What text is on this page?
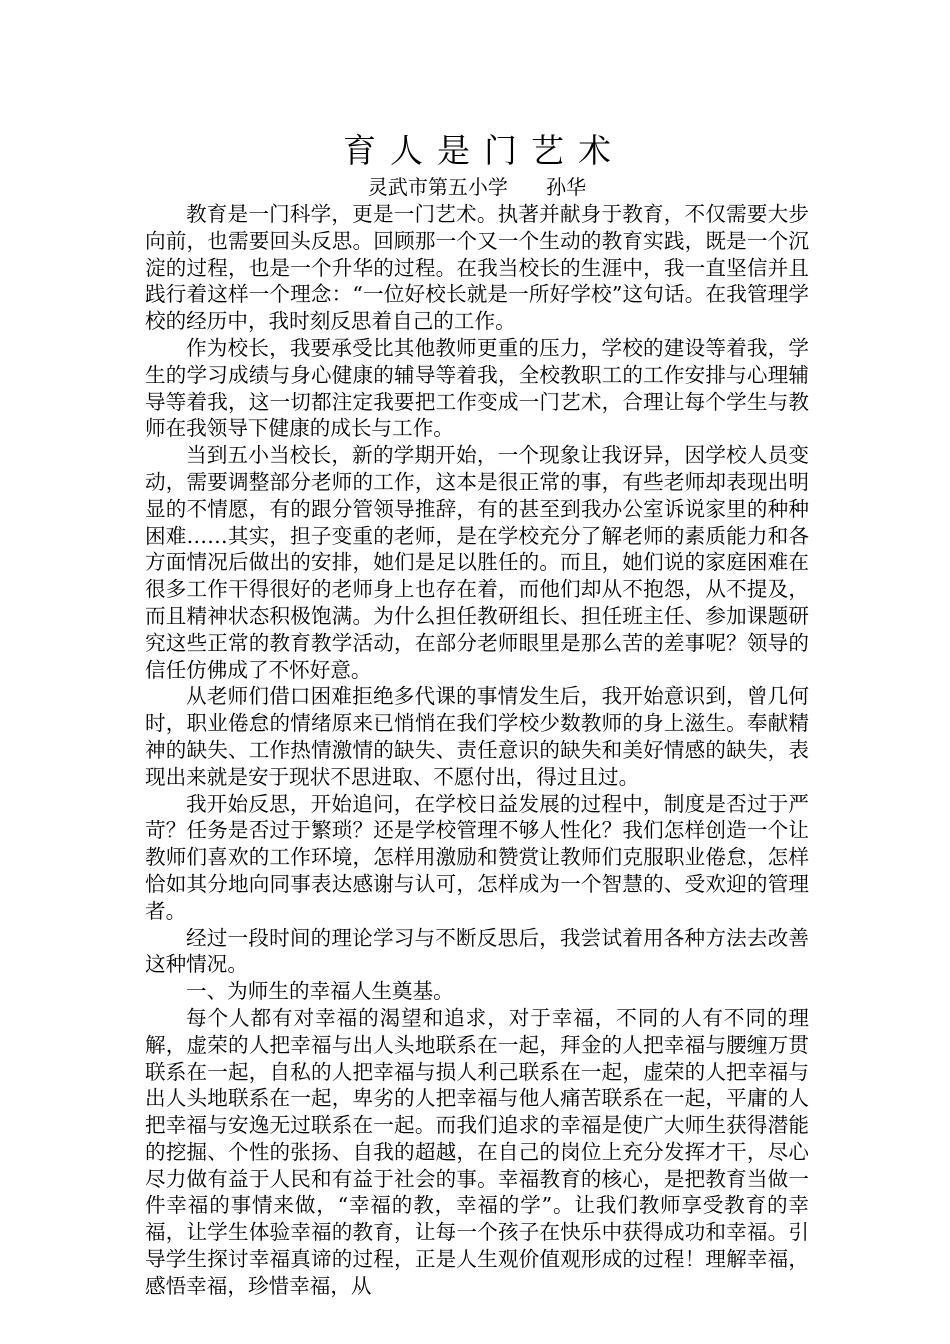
育人是门艺术
灵武市第五小学      孙华

教育是一门科学，更是一门艺术。执著并献身于教育，不仅需要大步向前，也需要回头反思。回顾那一个又一个生动的教育实践，既是一个沉淀的过程，也是一个升华的过程。在我当校长的生涯中，我一直坚信并且践行着这样一个理念：“一位好校长就是一所好学校”这句话。在我管理学校的经历中，我时刻反思着自己的工作。

作为校长，我要承受比其他教师更重的压力，学校的建设等着我，学生的学习成绩与身心健康的辅导等着我，全校教职工的工作安排与心理辅导等着我，这一切都注定我要把工作变成一门艺术，合理让每个学生与教师在我领导下健康的成长与工作。

当到五小当校长，新的学期开始，一个现象让我讶异，因学校人员变动，需要调整部分老师的工作，这本是很正常的事，有些老师却表现出明显的不情愿，有的跟分管领导推辞，有的甚至到我办公室诉说家里的种种困难……其实，担子变重的老师，是在学校充分了解老师的素质能力和各方面情况后做出的安排，她们是足以胜任的。而且，她们说的家庭困难在很多工作干得很好的老师身上也存在着，而他们却从不抱怨，从不提及，而且精神状态积极饱满。为什么担任教研组长、担任班主任、参加课题研究这些正常的教育教学活动，在部分老师眼里是那么苦的差事呢？领导的信任仿佛成了不怀好意。

从老师们借口困难拒绝多代课的事情发生后，我开始意识到，曾几何时，职业倦怠的情绪原来已悄悄在我们学校少数教师的身上滋生。奉献精神的缺失、工作热情激情的缺失、责任意识的缺失和美好情感的缺失，表现出来就是安于现状不思进取、不愿付出，得过且过。

我开始反思，开始追问，在学校日益发展的过程中，制度是否过于严苛？任务是否过于繁琐？还是学校管理不够人性化？我们怎样创造一个让教师们喜欢的工作环境，怎样用激励和赞赏让教师们克服职业倦怠，怎样恰如其分地向同事表达感谢与认可，怎样成为一个智慧的、受欢迎的管理者。

经过一段时间的理论学习与不断反思后，我尝试着用各种方法去改善这种情况。

一、为师生的幸福人生奠基。

每个人都有对幸福的渴望和追求，对于幸福，不同的人有不同的理解，虚荣的人把幸福与出人头地联系在一起，拜金的人把幸福与腰缠万贯联系在一起，自私的人把幸福与损人利己联系在一起，虚荣的人把幸福与出人头地联系在一起，卑劣的人把幸福与他人痛苦联系在一起，平庸的人把幸福与安逸无过联系在一起。而我们追求的幸福是使广大师生获得潜能的挖掘、个性的张扬、自我的超越，在自己的岗位上充分发挥才干，尽心尽力做有益于人民和有益于社会的事。幸福教育的核心，是把教育当做一件幸福的事情来做，“幸福的教，幸福的学”。让我们教师享受教育的幸福，让学生体验幸福的教育，让每一个孩子在快乐中获得成功和幸福。引导学生探讨幸福真谛的过程，正是人生观价值观形成的过程！理解幸福，感悟幸福，珍惜幸福，从
